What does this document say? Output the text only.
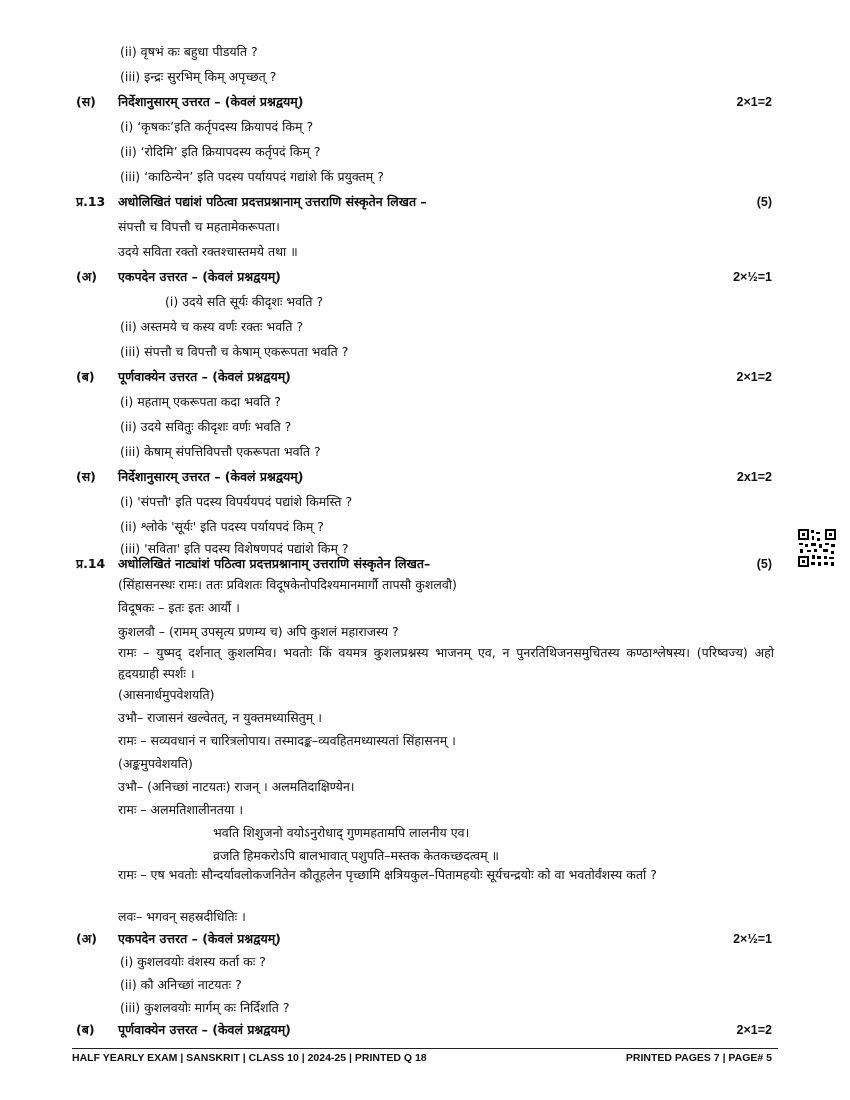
(ii) वृषभं कः बहुधा पीडयति ?
(iii) इन्द्रः सुरभिम् किम् अपृच्छत् ?
(स) निर्देशानुसारम् उत्तरत – (केवलं प्रश्नद्वयम्)	2×1=2
(i) ‘कृषकः’इति कर्तृपदस्य क्रियापदं किम् ?
(ii) ‘रोदिमि’ इति क्रियापदस्य कर्तृपदं किम् ?
(iii) ‘काठिन्येन’ इति पदस्य पर्यायपदं गद्यांशे किं प्रयुक्तम् ?
प्र.13 अधोलिखितं पद्यांशं पठित्वा प्रदत्तप्रश्नानाम् उत्तराणि संस्कृतेन लिखत –	(5)
संपत्तौ च विपत्तौ च महतामेकरूपता।
उदये सविता रक्तो रक्तश्चास्तमये तथा ॥
(अ) एकपदेन उत्तरत – (केवलं प्रश्नद्वयम्)	2×½=1
(i) उदये सति सूर्यः कीदृशः भवति ?
(ii) अस्तमये च कस्य वर्णः रक्तः भवति ?
(iii) संपत्तौ च विपत्तौ च केषाम् एकरूपता भवति ?
(ब) पूर्णवाक्येन उत्तरत – (केवलं प्रश्नद्वयम्)	2×1=2
(i) महताम् एकरूपता कदा भवति ?
(ii) उदये सवितुः कीदृशः वर्णः भवति ?
(iii) केषाम् संपत्तिविपत्तौ एकरूपता भवति ?
(स) निर्देशानुसारम् उत्तरत – (केवलं प्रश्नद्वयम्)	2x1=2
(i) 'संपत्तौ' इति पदस्य विपर्ययपदं पद्यांशे किमस्ति ?
(ii) श्लोके 'सूर्यः' इति पदस्य पर्यायपदं किम् ?
(iii) 'सविता' इति पदस्य विशेषणपदं पद्यांशे किम् ?
प्र.14 अधोलिखितं नाट्यांशं पठित्वा प्रदत्तप्रश्नानाम् उत्तराणि संस्कृतेन लिखत–	(5)
(सिंहासनस्थः रामः। ततः प्रविशतः विदूषकेनोपदिश्यमानमार्गौ तापसौ कुशलवौ)
विदूषकः – इतः इतः आर्यौ ।
कुशलवौ – (रामम् उपसृत्य प्रणम्य च) अपि कुशलं महाराजस्य ?
(आसनार्धमुपवेशयति)
उभौ– राजासनं खल्वेतत्, न युक्तमध्यासितुम् ।
रामः – सव्यवधानं न चारित्रलोपाय। तस्मादङ्क–व्यवहितमध्यास्यतां सिंहासनम् ।
(अङ्कमुपवेशयति)
उभौ– (अनिच्छां नाटयतः) राजन् । अलमतिदाक्षिण्येन।
रामः – अलमतिशालीनतया ।
भवति शिशुजनो वयोऽनुरोधाद् गुणमहतामपि लालनीय एव।
व्रजति हिमकरोऽपि बालभावात् पशुपति–मस्तक केतकच्छदत्वम् ॥
लवः– भगवन् सहस्रदीधितिः ।
(अ) एकपदेन उत्तरत – (केवलं प्रश्नद्वयम्)	2×½=1
(i) कुशलवयोः वंशस्य कर्ता कः ?
(ii) कौ अनिच्छां नाटयतः ?
(iii) कुशलवयोः मार्गम् कः निर्दिशति ?
(ब) पूर्णवाक्येन उत्तरत – (केवलं प्रश्नद्वयम्)	2×1=2
रामः – युष्मद् दर्शनात् कुशलमिव। भवतोः किं वयमत्र कुशलप्रश्नस्य भाजनम् एव, न पुनरतिथिजनसमुचितस्य कण्ठाश्लेषस्य। (परिष्वज्य) अहो हृदयग्राही स्पर्शः ।
रामः – एष भवतोः सौन्दर्यावलोकजनितेन कौतूहलेन पृच्छामि क्षत्रियकुल–पितामहयोः सूर्यचन्द्रयोः को वा भवतोर्वंशस्य कर्ता ?
HALF YEARLY EXAM | SANSKRIT | CLASS 10 | 2024-25 | PRINTED Q 18	PRINTED PAGES 7 | PAGE# 5
